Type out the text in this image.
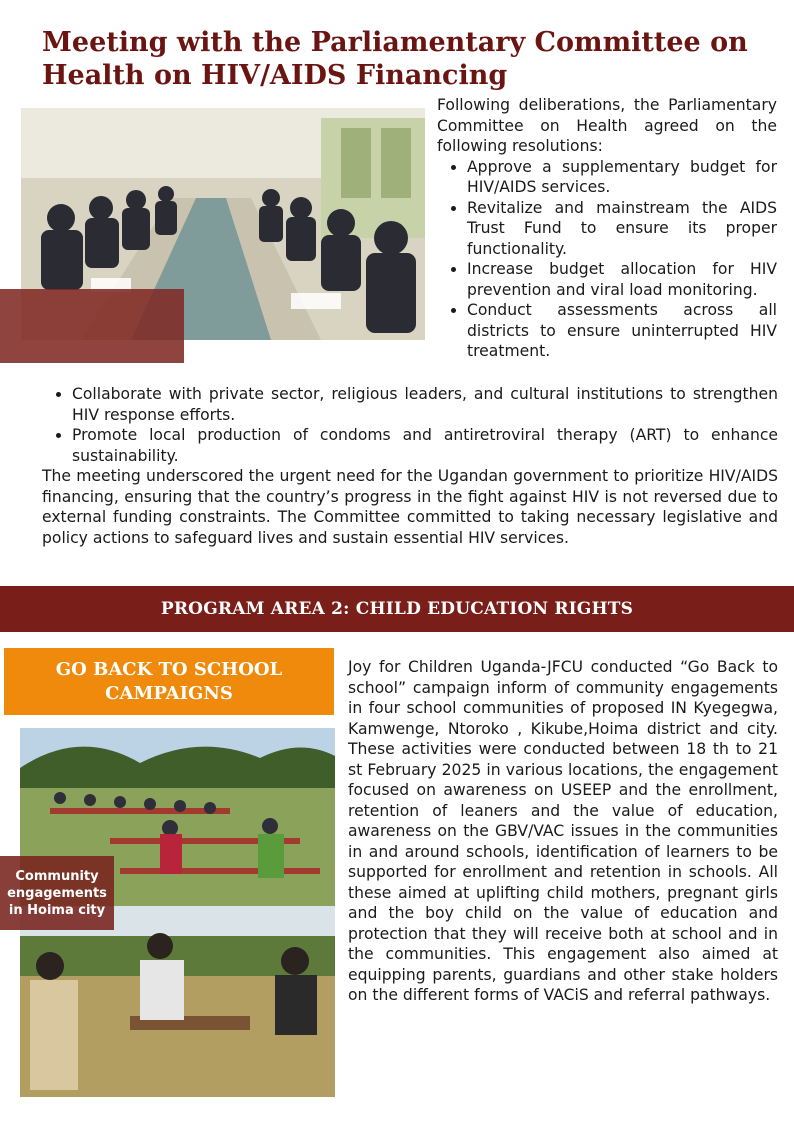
Meeting with the Parliamentary Committee on Health on HIV/AIDS Financing

Following deliberations, the Parliamentary Committee on Health agreed on the following resolutions:

• Approve a supplementary budget for HIV/AIDS services.
• Revitalize and mainstream the AIDS Trust Fund to ensure its proper functionality.
• Increase budget allocation for HIV prevention and viral load monitoring.
• Conduct assessments across all districts to ensure uninterrupted HIV treatment.
• Collaborate with private sector, religious leaders, and cultural institutions to strengthen HIV response efforts.
• Promote local production of condoms and antiretroviral therapy (ART) to enhance sustainability.

The meeting underscored the urgent need for the Ugandan government to prioritize HIV/AIDS financing, ensuring that the country’s progress in the fight against HIV is not reversed due to external funding constraints. The Committee committed to taking necessary legislative and policy actions to safeguard lives and sustain essential HIV services.

PROGRAM AREA 2: CHILD EDUCATION RIGHTS
GO BACK TO SCHOOL CAMPAIGNS
Community engagements in Hoima city

Joy for Children Uganda-JFCU conducted “Go Back to school” campaign inform of community engagements in four school communities of proposed IN Kyegegwa, Kamwenge, Ntoroko , Kikube,Hoima district and city. These activities were conducted between 18 th to 21 st February 2025 in various locations, the engagement focused on awareness on USEEP and the enrollment, retention of leaners and the value of education, awareness on the GBV/VAC issues in the communities in and around schools, identification of learners to be supported for enrollment and retention in schools. All these aimed at uplifting child mothers, pregnant girls and the boy child on the value of education and protection that they will receive both at school and in the communities. This engagement also aimed at equipping parents, guardians and other stake holders on the different forms of VACiS and referral pathways.
